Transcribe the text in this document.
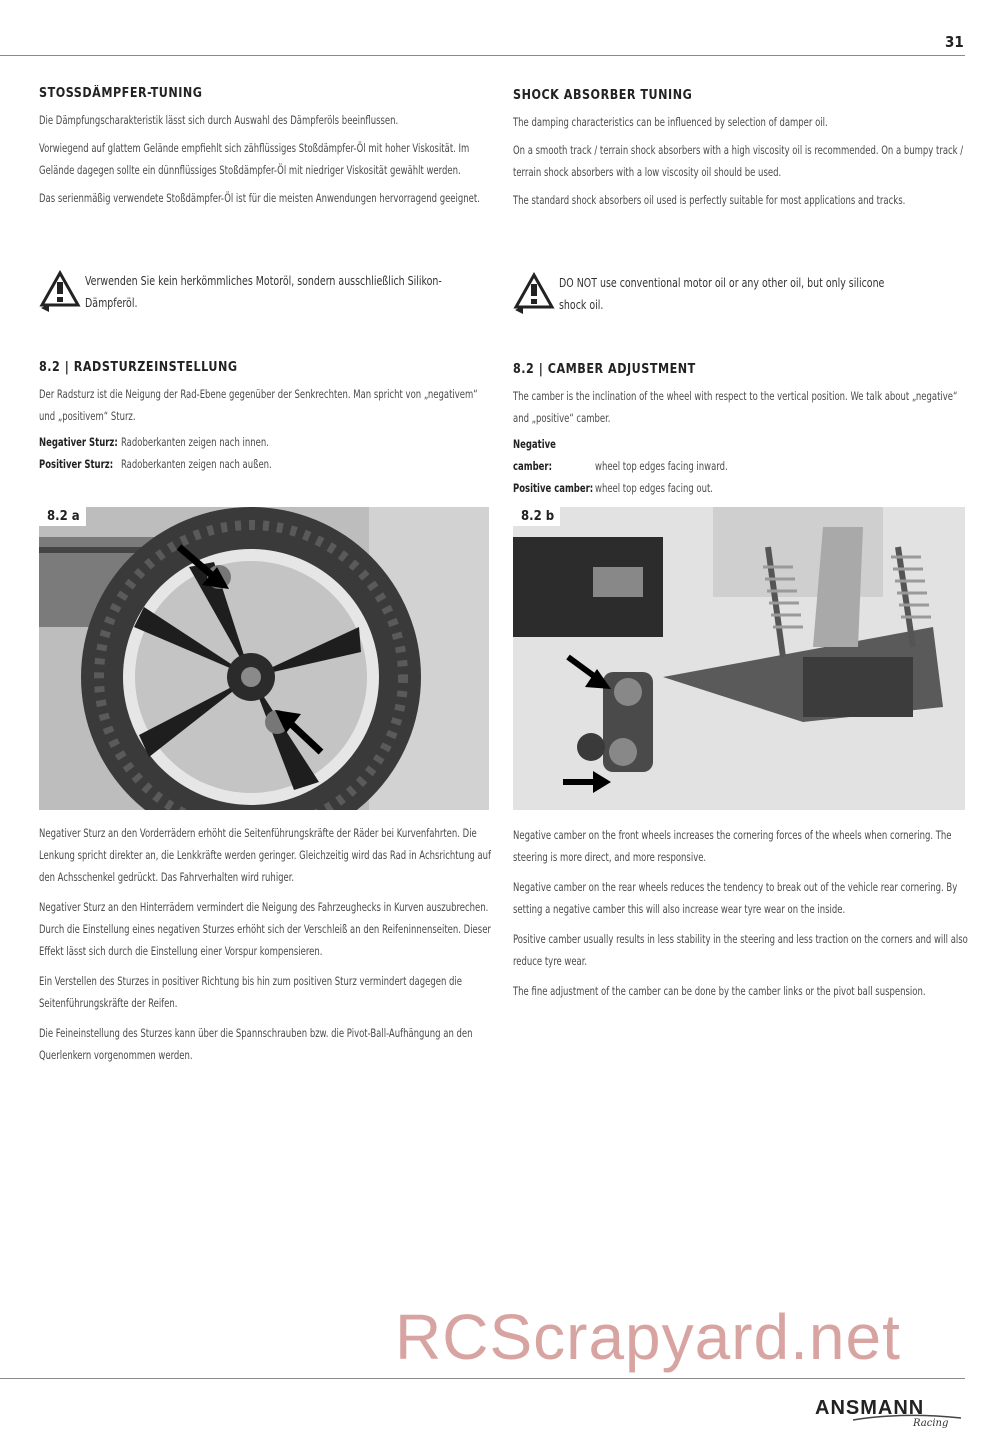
31
STOSSDÄMPFER-TUNING

Die Dämpfungscharakteristik lässt sich durch Auswahl des Dämpferöls beeinflussen.

Vorwiegend auf glattem Gelände empfiehlt sich zähflüssiges Stoßdämpfer-Öl mit hoher Viskosität. Im Gelände dagegen sollte ein dünnflüssiges Stoßdämpfer-Öl mit niedriger Viskosität gewählt werden.

Das serienmäßig verwendete Stoßdämpfer-Öl ist für die meisten Anwendungen hervorragend geeignet.

Verwenden Sie kein herkömmliches Motoröl, sondern ausschließlich Silikon-Dämpferöl.
8.2 | RADSTURZEINSTELLUNG

Der Radsturz ist die Neigung der Rad-Ebene gegenüber der Senkrechten. Man spricht von „negativem“ und „positivem“ Sturz.

Negativer Sturz: Radoberkanten zeigen nach innen.
Positiver Sturz: Radoberkanten zeigen nach außen.
8.2 a

Negativer Sturz an den Vorderrädern erhöht die Seitenführungskräfte der Räder bei Kurvenfahrten. Die Lenkung spricht direkter an, die Lenkkräfte werden geringer. Gleichzeitig wird das Rad in Achsrichtung auf den Achsschenkel gedrückt. Das Fahrverhalten wird ruhiger.

Negativer Sturz an den Hinterrädern vermindert die Neigung des Fahrzeughecks in Kurven auszubrechen. Durch die Einstellung eines negativen Sturzes erhöht sich der Verschleiß an den Reifeninnenseiten. Dieser Effekt lässt sich durch die Einstellung einer Vorspur kompensieren.

Ein Verstellen des Sturzes in positiver Richtung bis hin zum positiven Sturz vermindert dagegen die Seitenführungskräfte der Reifen.

Die Feineinstellung des Sturzes kann über die Spannschrauben bzw. die Pivot-Ball-Aufhängung an den Querlenkern vorgenommen werden.

SHOCK ABSORBER TUNING

The damping characteristics can be influenced by selection of damper oil.

On a smooth track / terrain shock absorbers with a high viscosity oil is recommended. On a bumpy track / terrain shock absorbers with a low viscosity oil should be used.

The standard shock absorbers oil used is perfectly suitable for most applications and tracks.

DO NOT use conventional motor oil or any other oil, but only silicone shock oil.
8.2 | CAMBER ADJUSTMENT

The camber is the inclination of the wheel with respect to the vertical position. We talk about „negative“ and „positive“ camber.

Negative camber:	wheel top edges facing inward.
Positive camber: wheel top edges facing out.
8.2 b

Negative camber on the front wheels increases the cornering forces of the wheels when cornering. The steering is more direct, and more responsive.

Negative camber on the rear wheels reduces the tendency to break out of the vehicle rear cornering. By setting a negative camber this will also increase wear tyre wear on the inside.

Positive camber usually results in less stability in the steering and less traction on the corners and will also reduce tyre wear.

The fine adjustment of the camber can be done by the camber links or the pivot ball suspension.

RCScrapyard.net
ANSMANN
Racing
